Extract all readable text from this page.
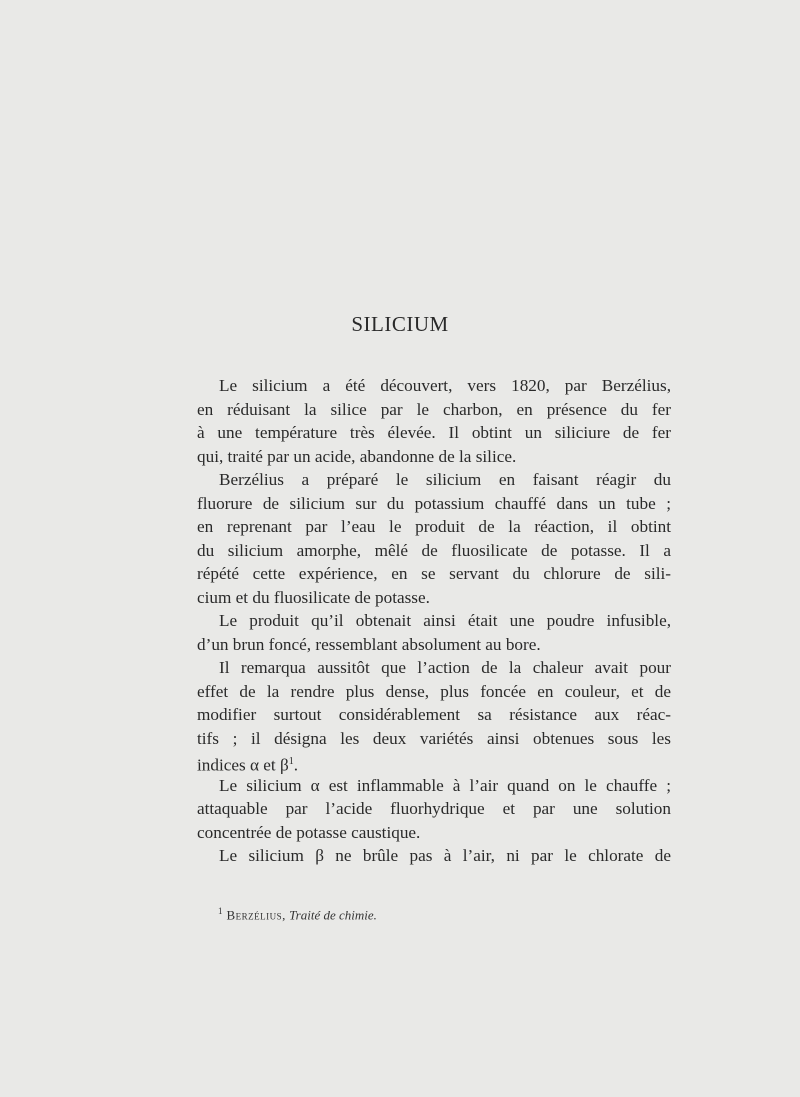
SILICIUM
Le silicium a été découvert, vers 1820, par Berzélius,
en réduisant la silice par le charbon, en présence du fer
à une température très élevée. Il obtint un siliciure de fer
qui, traité par un acide, abandonne de la silice.
Berzélius a préparé le silicium en faisant réagir du
fluorure de silicium sur du potassium chauffé dans un tube ;
en reprenant par l’eau le produit de la réaction, il obtint
du silicium amorphe, mêlé de fluosilicate de potasse. Il a
répété cette expérience, en se servant du chlorure de sili-
cium et du fluosilicate de potasse.
Le produit qu’il obtenait ainsi était une poudre infusible,
d’un brun foncé, ressemblant absolument au bore.
Il remarqua aussitôt que l’action de la chaleur avait pour
effet de la rendre plus dense, plus foncée en couleur, et de
modifier surtout considérablement sa résistance aux réac-
tifs ; il désigna les deux variétés ainsi obtenues sous les
indices α et $\beta^1$.
Le silicium α est inflammable à l’air quand on le chauffe ;
attaquable par l’acide fluorhydrique et par une solution
concentrée de potasse caustique.
Le silicium β ne brûle pas à l’air, ni par le chlorate de
$^1$ Berzélius, Traité de chimie.
